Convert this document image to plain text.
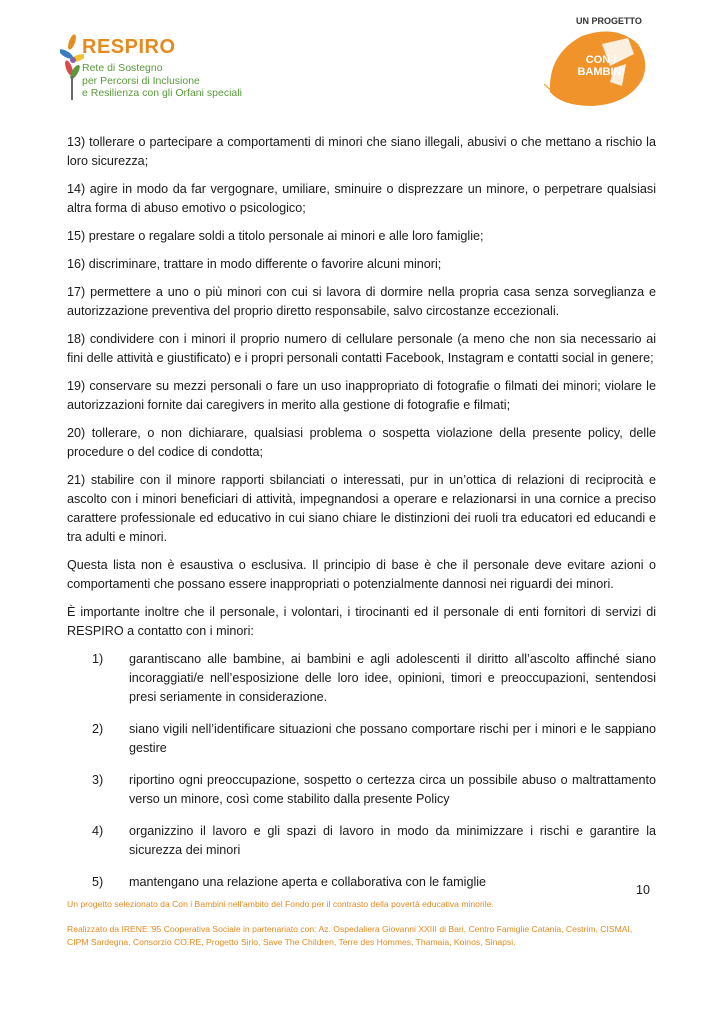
RESPIRO
Rete di Sostegno
per Percorsi di Inclusione
e Resilienza con gli Orfani speciali
UN PROGETTO
CON I BAMBINI

13) tollerare o partecipare a comportamenti di minori che siano illegali, abusivi o che mettano a rischio la loro sicurezza;

14) agire in modo da far vergognare, umiliare, sminuire o disprezzare un minore, o perpetrare qualsiasi altra forma di abuso emotivo o psicologico;

15) prestare o regalare soldi a titolo personale ai minori e alle loro famiglie;

16) discriminare, trattare in modo differente o favorire alcuni minori;

17) permettere a uno o più minori con cui si lavora di dormire nella propria casa senza sorveglianza e autorizzazione preventiva del proprio diretto responsabile, salvo circostanze eccezionali.

18) condividere con i minori il proprio numero di cellulare personale (a meno che non sia necessario ai fini delle attività e giustificato) e i propri personali contatti Facebook, Instagram e contatti social in genere;

19) conservare su mezzi personali o fare un uso inappropriato di fotografie o filmati dei minori; violare le autorizzazioni fornite dai caregivers in merito alla gestione di fotografie e filmati;

20) tollerare, o non dichiarare, qualsiasi problema o sospetta violazione della presente policy, delle procedure o del codice di condotta;

21) stabilire con il minore rapporti sbilanciati o interessati, pur in un’ottica di relazioni di reciprocità e ascolto con i minori beneficiari di attività, impegnandosi a operare e relazionarsi in una cornice a preciso carattere professionale ed educativo in cui siano chiare le distinzioni dei ruoli tra educatori ed educandi e tra adulti e minori.

Questa lista non è esaustiva o esclusiva. Il principio di base è che il personale deve evitare azioni o comportamenti che possano essere inappropriati o potenzialmente dannosi nei riguardi dei minori.

È importante inoltre che il personale, i volontari, i tirocinanti ed il personale di enti fornitori di servizi di RESPIRO a contatto con i minori:

1) garantiscano alle bambine, ai bambini e agli adolescenti il diritto all’ascolto affinché siano incoraggiati/e nell’esposizione delle loro idee, opinioni, timori e preoccupazioni, sentendosi presi seriamente in considerazione.
2) siano vigili nell’identificare situazioni che possano comportare rischi per i minori e le sappiano gestire
3) riportino ogni preoccupazione, sospetto o certezza circa un possibile abuso o maltrattamento verso un minore, così come stabilito dalla presente Policy
4) organizzino il lavoro e gli spazi di lavoro in modo da minimizzare i rischi e garantire la sicurezza dei minori
5) mantengano una relazione aperta e collaborativa con le famiglie
10
Un progetto selezionato da Con i Bambini nell'ambito del Fondo per il contrasto della povertà educativa minorile.
Realizzato da IRENE '95 Cooperativa Sociale in partenariato con: Az. Ospedaliera Giovanni XXIII di Bari, Centro Famiglie Catania, Cestrim, CISMAI,
CIPM Sardegna, Consorzio CO.RE, Progetto Sirio, Save The Children, Terre des Hommes, Thamaia, Koinos, Sinapsi.
